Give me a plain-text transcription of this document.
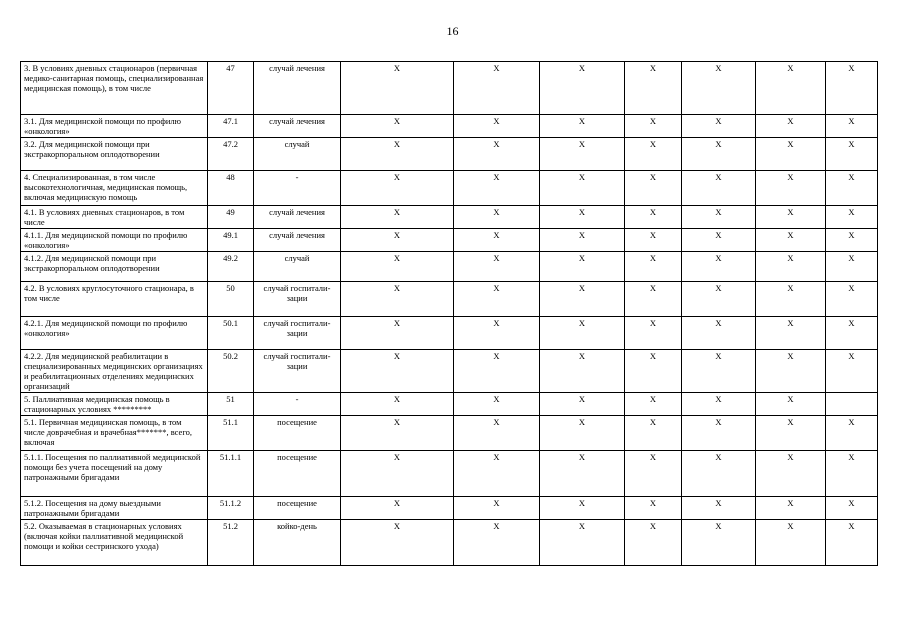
16
3. В условиях дневных стационаров (первичная медико-санитарная помощь, специализированная медицинская помощь), в том числе	47	случай лечения	X	X	X	X	X	X	X
3.1. Для медицинской помощи по профилю «онкология»	47.1	случай лечения	X	X	X	X	X	X	X
3.2. Для медицинской помощи при экстракорпоральном оплодотворении	47.2	случай	X	X	X	X	X	X	X
4. Специализированная, в том числе высокотехнологичная, медицинская помощь, включая медицинскую помощь	48	-	X	X	X	X	X	X	X
4.1. В условиях дневных стационаров, в том числе	49	случай лечения	X	X	X	X	X	X	X
4.1.1. Для медицинской помощи по профилю «онкология»	49.1	случай лечения	X	X	X	X	X	X	X
4.1.2. Для медицинской помощи при экстракорпоральном оплодотворении	49.2	случай	X	X	X	X	X	X	X
4.2. В условиях круглосуточного стационара, в том числе	50	случай госпитали-зации	X	X	X	X	X	X	X
4.2.1. Для медицинской помощи по профилю «онкология»	50.1	случай госпитали-зации	X	X	X	X	X	X	X
4.2.2. Для медицинской реабилитации в специализированных медицинских организациях и реабилитационных отделениях медицинских организаций	50.2	случай госпитали-зации	X	X	X	X	X	X	X
5. Паллиативная медицинская помощь в стационарных условиях *********	51	-	X	X	X	X	X	X	
5.1. Первичная медицинская помощь, в том числе доврачебная и врачебная*******, всего, включая	51.1	посещение	X	X	X	X	X	X	X
5.1.1. Посещения по паллиативной медицинской помощи без учета посещений на дому патронажными бригадами	51.1.1	посещение	X	X	X	X	X	X	X
5.1.2. Посещения на дому выездными патронажными бригадами	51.1.2	посещение	X	X	X	X	X	X	X
5.2. Оказываемая в стационарных условиях (включая койки паллиативной медицинской помощи и койки сестринского ухода)	51.2	койко-день	X	X	X	X	X	X	X
